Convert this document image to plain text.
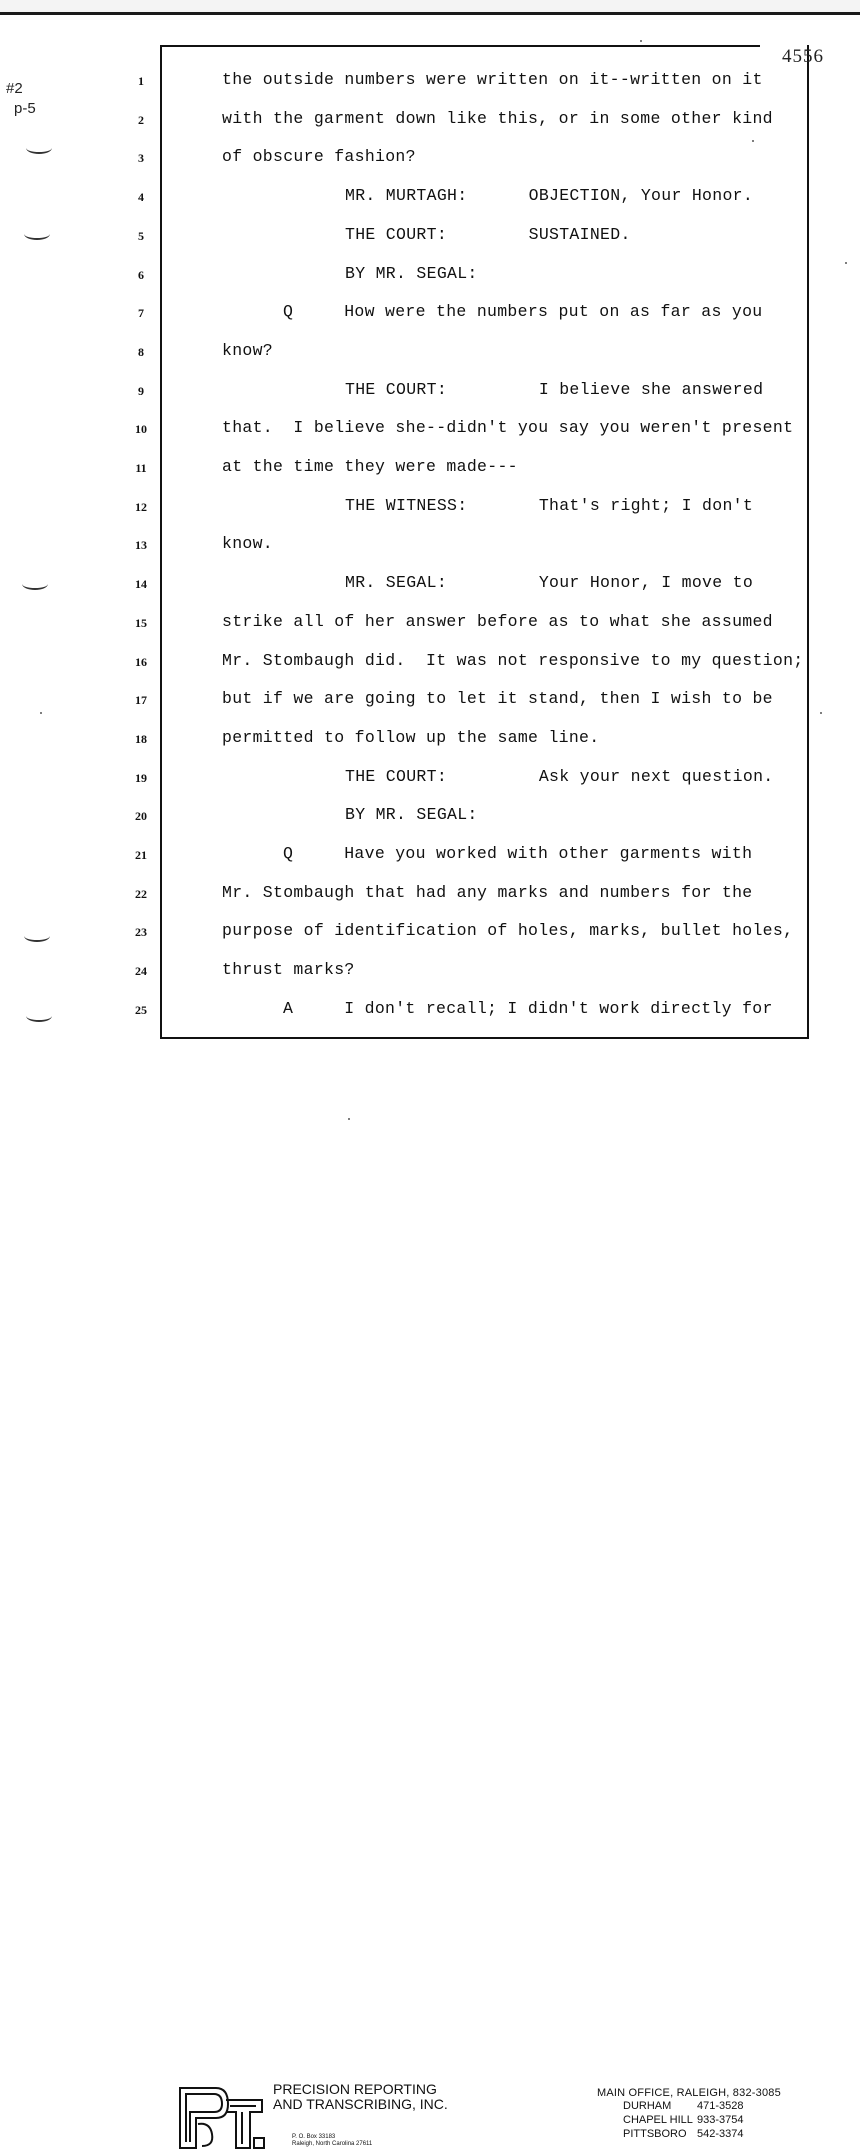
#2
p-5
4556
1	the outside numbers were written on it--written on it
2	with the garment down like this, or in some other kind
3	of obscure fashion?
4	MR. MURTAGH:      OBJECTION, Your Honor.
5	THE COURT:        SUSTAINED.
6	BY MR. SEGAL:
7	Q     How were the numbers put on as far as you
8	know?
9	THE COURT:         I believe she answered
10	that.  I believe she--didn't you say you weren't present
11	at the time they were made---
12	THE WITNESS:       That's right; I don't
13	know.
14	MR. SEGAL:         Your Honor, I move to
15	strike all of her answer before as to what she assumed
16	Mr. Stombaugh did.  It was not responsive to my question;
17	but if we are going to let it stand, then I wish to be
18	permitted to follow up the same line.
19	THE COURT:         Ask your next question.
20	BY MR. SEGAL:
21	Q     Have you worked with other garments with
22	Mr. Stombaugh that had any marks and numbers for the
23	purpose of identification of holes, marks, bullet holes,
24	thrust marks?
25	A     I don't recall; I didn't work directly for
PRECISION REPORTING
AND TRANSCRIBING, INC.
P. O. Box 33183
Raleigh, North Carolina 27611
MAIN OFFICE, RALEIGH, 832-3085
DURHAM	471-3528
CHAPEL HILL 933-3754
PITTSBORO 542-3374
